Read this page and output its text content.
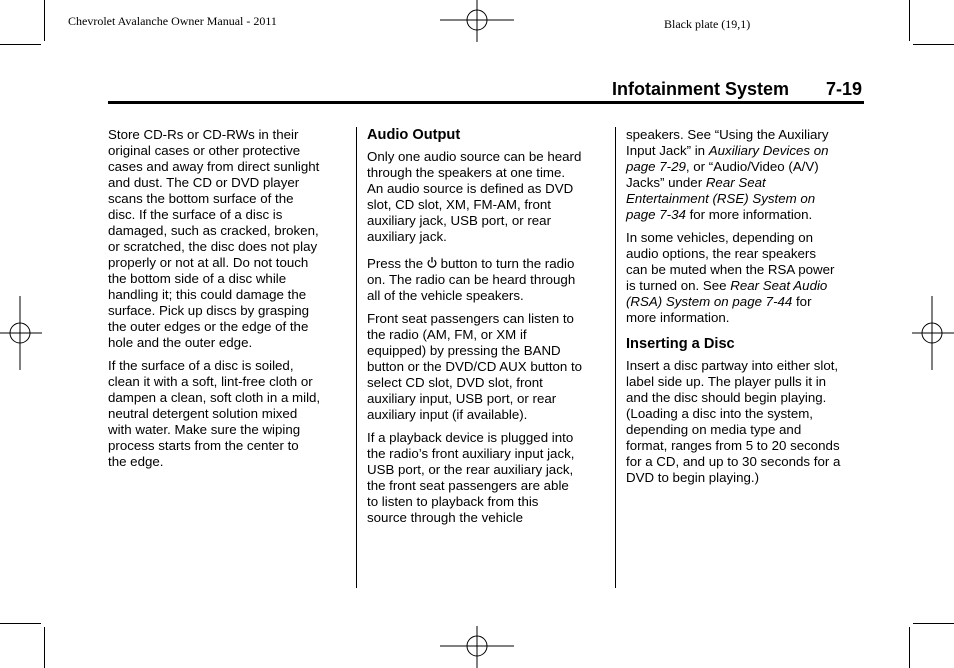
Chevrolet Avalanche Owner Manual - 2011	Black plate (19,1)
Infotainment System 7-19

Store CD-Rs or CD-RWs in their
original cases or other protective
cases and away from direct sunlight
and dust. The CD or DVD player
scans the bottom surface of the
disc. If the surface of a disc is
damaged, such as cracked, broken,
or scratched, the disc does not play
properly or not at all. Do not touch
the bottom side of a disc while
handling it; this could damage the
surface. Pick up discs by grasping
the outer edges or the edge of the
hole and the outer edge.

If the surface of a disc is soiled,
clean it with a soft, lint-free cloth or
dampen a clean, soft cloth in a mild,
neutral detergent solution mixed
with water. Make sure the wiping
process starts from the center to
the edge.

Audio Output

Only one audio source can be heard
through the speakers at one time.
An audio source is defined as DVD
slot, CD slot, XM, FM-AM, front
auxiliary jack, USB port, or rear
auxiliary jack.

Press the button to turn the radio
on. The radio can be heard through
all of the vehicle speakers.

Front seat passengers can listen to
the radio (AM, FM, or XM if
equipped) by pressing the BAND
button or the DVD/CD AUX button to
select CD slot, DVD slot, front
auxiliary input, USB port, or rear
auxiliary input (if available).

If a playback device is plugged into
the radio’s front auxiliary input jack,
USB port, or the rear auxiliary jack,
the front seat passengers are able
to listen to playback from this
source through the vehicle

speakers. See “Using the Auxiliary
Input Jack” in Auxiliary Devices on
page 7-29, or “Audio/Video (A/V)
Jacks” under Rear Seat
Entertainment (RSE) System on
page 7-34 for more information.

In some vehicles, depending on
audio options, the rear speakers
can be muted when the RSA power
is turned on. See Rear Seat Audio
(RSA) System on page 7-44 for
more information.

Inserting a Disc

Insert a disc partway into either slot,
label side up. The player pulls it in
and the disc should begin playing.
(Loading a disc into the system,
depending on media type and
format, ranges from 5 to 20 seconds
for a CD, and up to 30 seconds for a
DVD to begin playing.)
